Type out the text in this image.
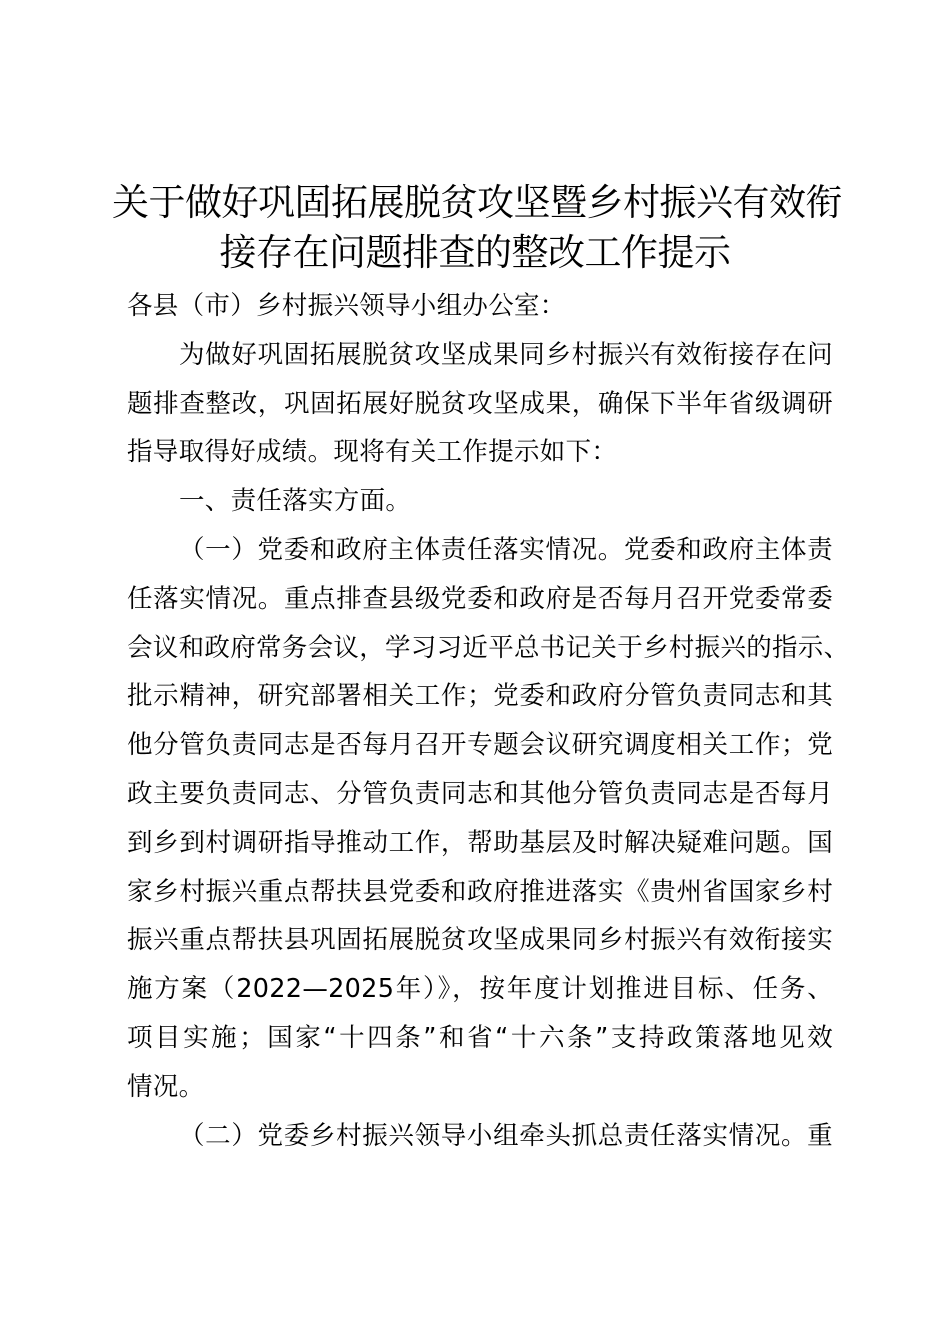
关于做好巩固拓展脱贫攻坚暨乡村振兴有效衔
接存在问题排查的整改工作提示
各县（市）乡村振兴领导小组办公室：
为做好巩固拓展脱贫攻坚成果同乡村振兴有效衔接存在问
题排查整改，巩固拓展好脱贫攻坚成果，确保下半年省级调研
指导取得好成绩。现将有关工作提示如下：
一、责任落实方面。
（一）党委和政府主体责任落实情况。党委和政府主体责
任落实情况。重点排查县级党委和政府是否每月召开党委常委
会议和政府常务会议，学习习近平总书记关于乡村振兴的指示、
批示精神，研究部署相关工作；党委和政府分管负责同志和其
他分管负责同志是否每月召开专题会议研究调度相关工作；党
政主要负责同志、分管负责同志和其他分管负责同志是否每月
到乡到村调研指导推动工作，帮助基层及时解决疑难问题。国
家乡村振兴重点帮扶县党委和政府推进落实《贵州省国家乡村
振兴重点帮扶县巩固拓展脱贫攻坚成果同乡村振兴有效衔接实
施方案（2022—2025年）》，按年度计划推进目标、任务、
项目实施；国家“十四条”和省“十六条”支持政策落地见效
情况。
（二）党委乡村振兴领导小组牵头抓总责任落实情况。重
